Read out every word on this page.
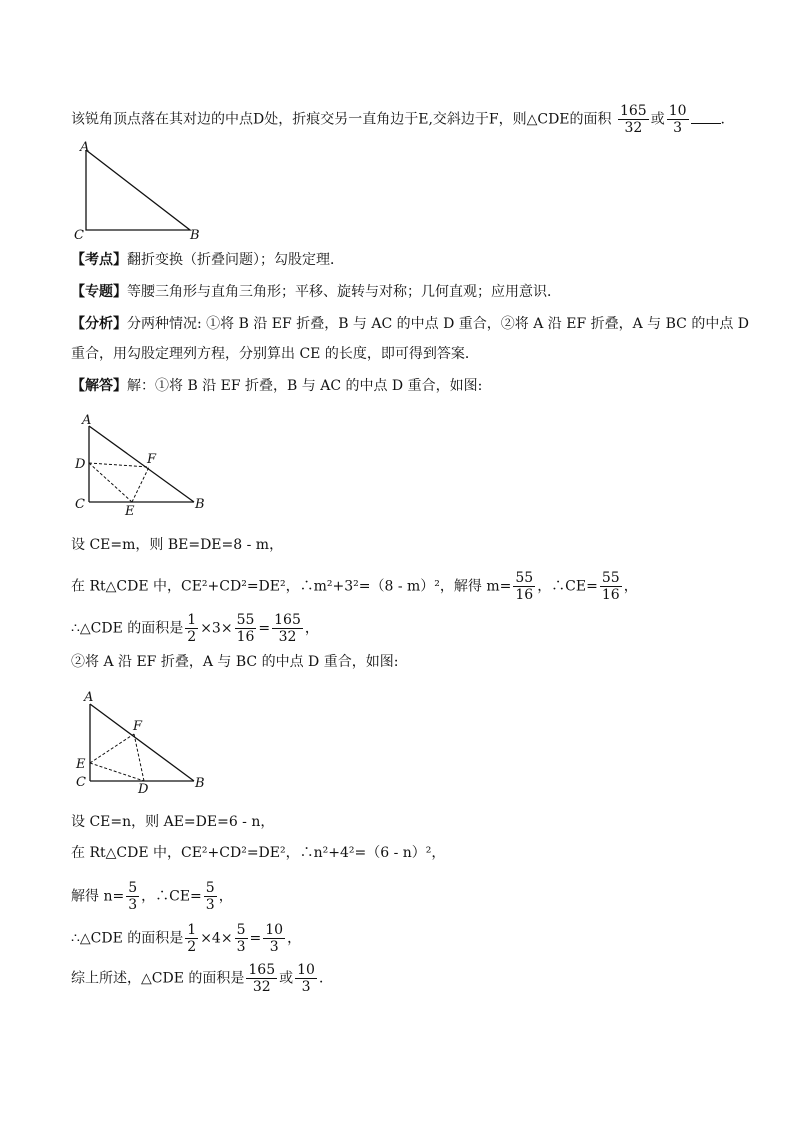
该锐角顶点落在其对边的中点D处，折痕交另一直角边于E,交斜边于F，则△CDE的面积 $\frac{165}{32}$ 或 $\frac{10}{3}$ .
A
C	B
【考点】翻折变换（折叠问题）；勾股定理．
【专题】等腰三角形与直角三角形；平移、旋转与对称；几何直观；应用意识．
【分析】分两种情况: ①将 B 沿 EF 折叠，B 与 AC 的中点 D 重合，②将 A 沿 EF 折叠，A 与 BC 的中点 D
重合，用勾股定理列方程，分别算出 CE 的长度，即可得到答案．
【解答】解：①将 B 沿 EF 折叠，B 与 AC 的中点 D 重合，如图:
A
D	F
C	B
E
设 CE=m，则 BE=DE=8 - m，
在 Rt△CDE 中，CE²+CD²=DE²，∴m²+3²=（8 - m）²，解得 $m= \frac{55}{16}$ ，∴CE= $\frac{55}{16}$ ，
∴△CDE 的面积是 $\frac{1}{2} \times 3\times \frac{55}{16} = \frac{165}{32}$ ，
②将 A 沿 EF 折叠，A 与 BC 的中点 D 重合，如图:
A
F
E
C	B
D
设 CE=n，则 AE=DE=6 - n，
在 Rt△CDE 中，CE²+CD²=DE²，∴n²+4²=（6 - n）²，
解得 $n= \frac{5}{3}$ ，∴CE= $\frac{5}{3}$ ，
∴△CDE 的面积是 $\frac{1}{2} \times 4\times \frac{5}{3} = \frac{10}{3}$ ，
综上所述，△CDE 的面积是 $\frac{165}{32}$ 或 $\frac{10}{3}$ ．
